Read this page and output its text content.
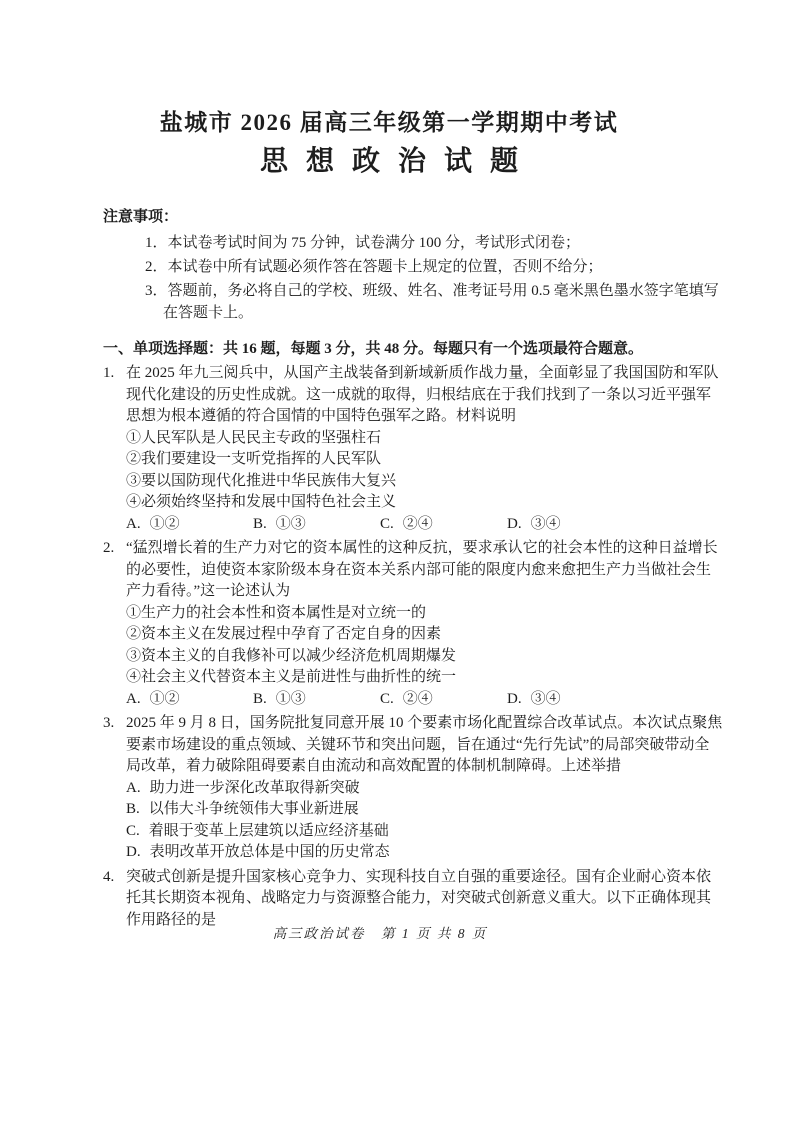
盐城市 2026 届高三年级第一学期期中考试
思想政治试题
注意事项：
1．本试卷考试时间为 75 分钟，试卷满分 100 分，考试形式闭卷；
2．本试卷中所有试题必须作答在答题卡上规定的位置，否则不给分；
3．答题前，务必将自己的学校、班级、姓名、准考证号用 0.5 毫米黑色墨水签字笔填写在答题卡上。
一、单项选择题：共 16 题，每题 3 分，共 48 分。每题只有一个选项最符合题意。
1. 在 2025 年九三阅兵中，从国产主战装备到新域新质作战力量，全面彰显了我国国防和军队现代化建设的历史性成就。这一成就的取得，归根结底在于我们找到了一条以习近平强军思想为根本遵循的符合国情的中国特色强军之路。材料说明
①人民军队是人民民主专政的坚强柱石
②我们要建设一支听党指挥的人民军队
③要以国防现代化推进中华民族伟大复兴
④必须始终坚持和发展中国特色社会主义
A. ①②	B. ①③	C. ②④	D. ③④
2. “猛烈增长着的生产力对它的资本属性的这种反抗，要求承认它的社会本性的这种日益增长的必要性，迫使资本家阶级本身在资本关系内部可能的限度内愈来愈把生产力当做社会生产力看待。”这一论述认为
①生产力的社会本性和资本属性是对立统一的
②资本主义在发展过程中孕育了否定自身的因素
③资本主义的自我修补可以减少经济危机周期爆发
④社会主义代替资本主义是前进性与曲折性的统一
A. ①②	B. ①③	C. ②④	D. ③④
3. 2025 年 9 月 8 日，国务院批复同意开展 10 个要素市场化配置综合改革试点。本次试点聚焦要素市场建设的重点领域、关键环节和突出问题，旨在通过“先行先试”的局部突破带动全局改革，着力破除阻碍要素自由流动和高效配置的体制机制障碍。上述举措
A. 助力进一步深化改革取得新突破
B. 以伟大斗争统领伟大事业新进展
C. 着眼于变革上层建筑以适应经济基础
D. 表明改革开放总体是中国的历史常态
4. 突破式创新是提升国家核心竞争力、实现科技自立自强的重要途径。国有企业耐心资本依托其长期资本视角、战略定力与资源整合能力，对突破式创新意义重大。以下正确体现其作用路径的是
高三政治试卷　第 1 页 共 8 页
